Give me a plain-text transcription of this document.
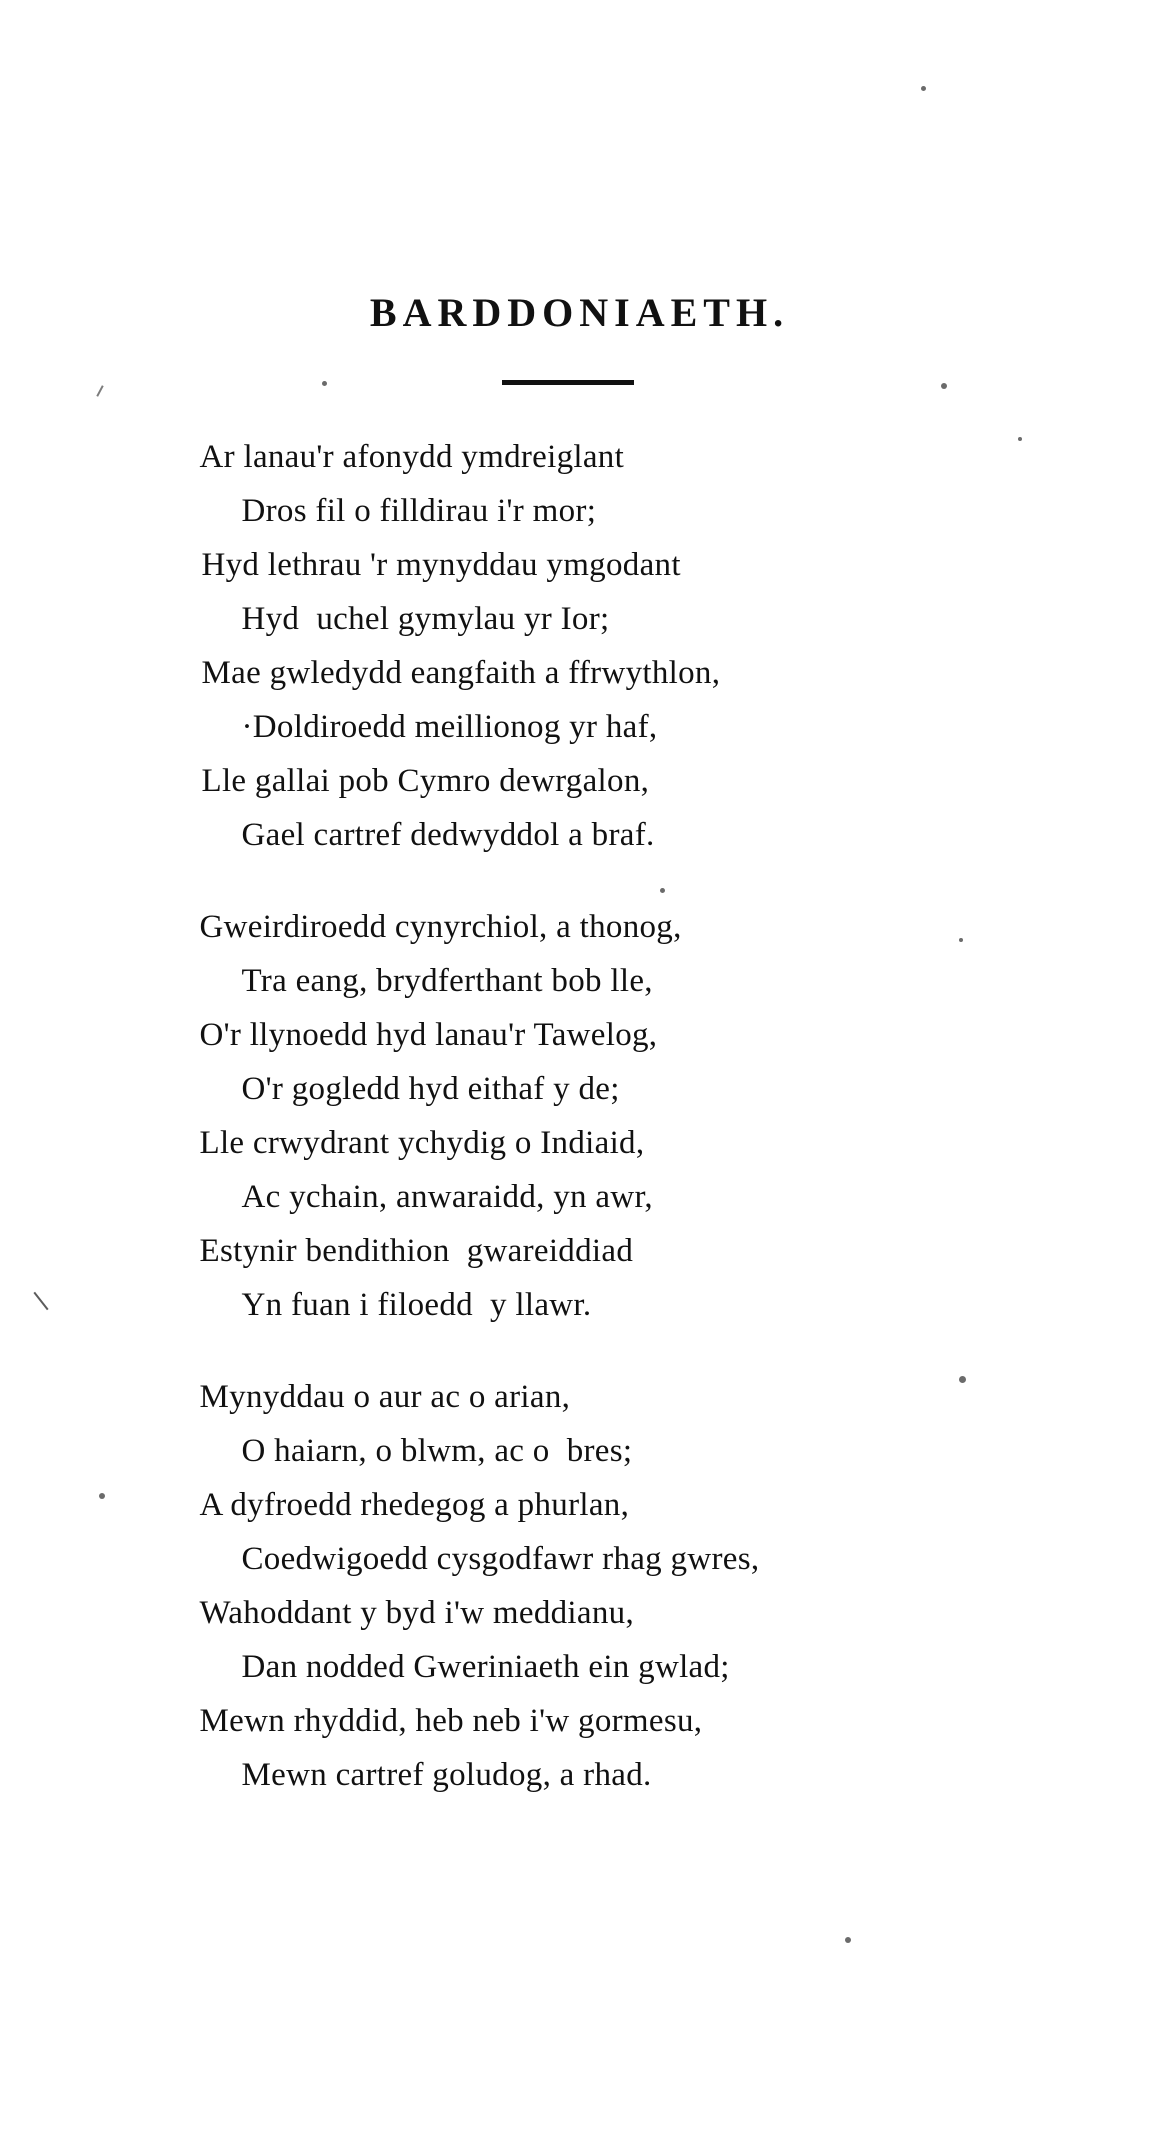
BARDDONIAETH.
Ar lanau'r afonydd ymdreiglant
Dros fil o filldirau i'r mor;
Hyd lethrau 'r mynyddau ymgodant
Hyd  uchel gymylau yr Ior;
Mae gwledydd eangfaith a ffrwythlon,
·Doldiroedd meillionog yr haf,
Lle gallai pob Cymro dewrgalon,
Gael cartref dedwyddol a braf.
Gweirdiroedd cynyrchiol, a thonog,
Tra eang, brydferthant bob lle,
O'r llynoedd hyd lanau'r Tawelog,
O'r gogledd hyd eithaf y de;
Lle crwydrant ychydig o Indiaid,
Ac ychain, anwaraidd, yn awr,
Estynir bendithion  gwareiddiad
Yn fuan i filoedd  y llawr.
Mynyddau o aur ac o arian,
O haiarn, o blwm, ac o  bres;
A dyfroedd rhedegog a phurlan,
Coedwigoedd cysgodfawr rhag gwres,
Wahoddant y byd i'w meddianu,
Dan nodded Gweriniaeth ein gwlad;
Mewn rhyddid, heb neb i'w gormesu,
Mewn cartref goludog, a rhad.
